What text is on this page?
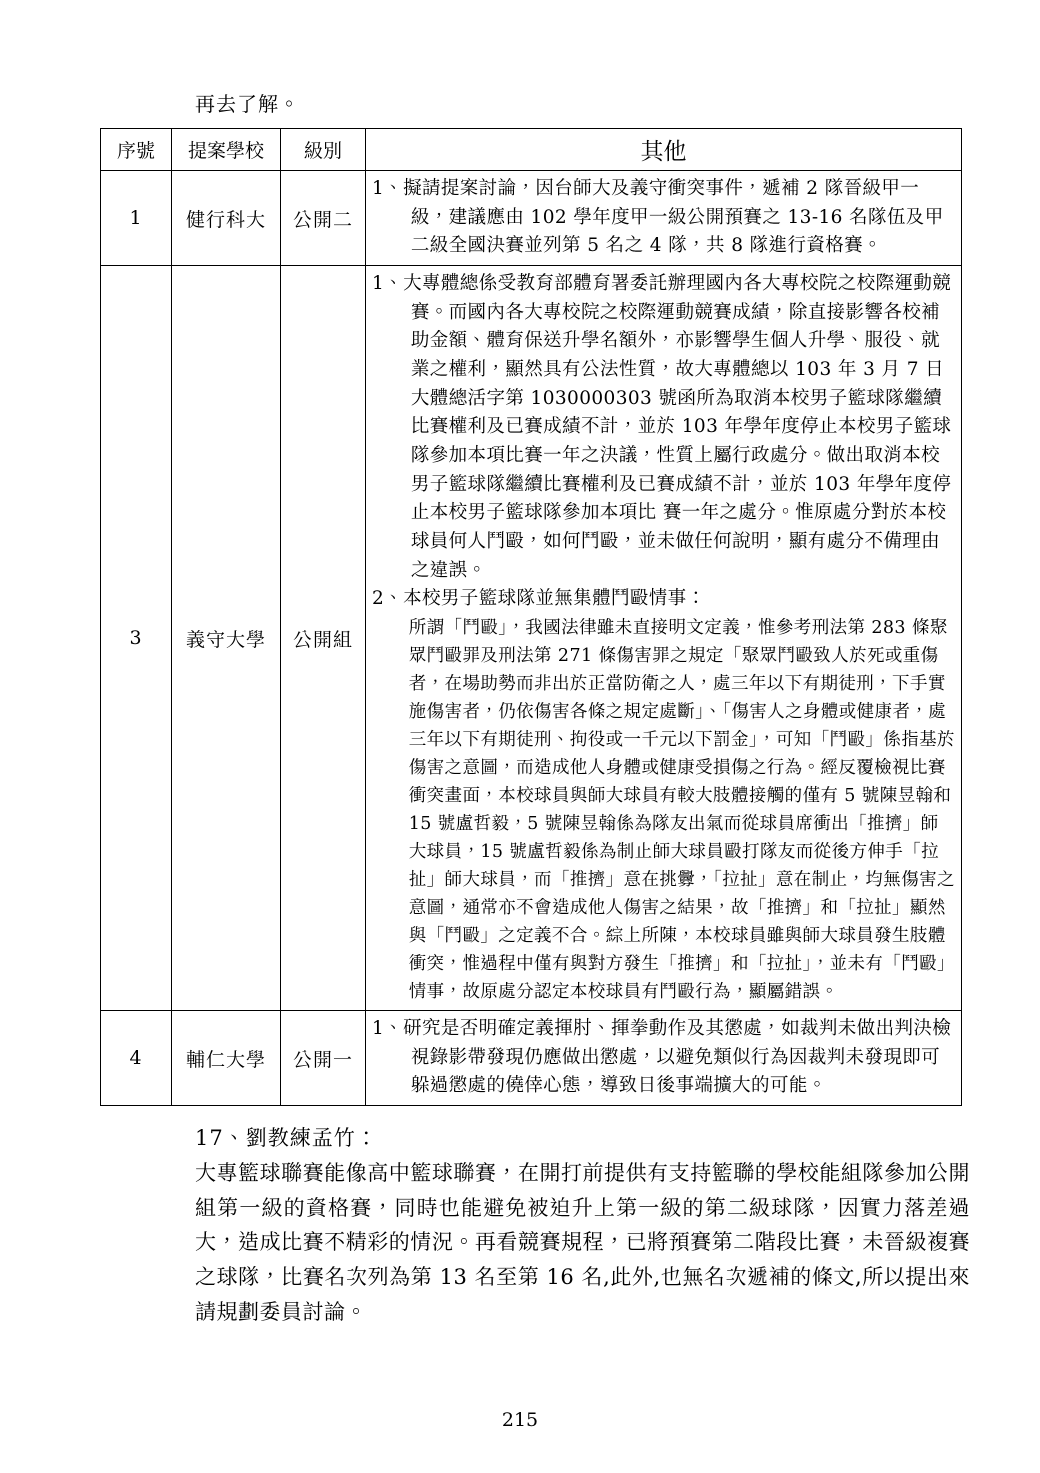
再去了解。

序號	提案學校	級別	其他
1	健行科大	公開二	1、擬請提案討論，因台師大及義守衝突事件，遞補 2 隊晉級甲一級，建議應由 102 學年度甲一級公開預賽之 13-16 名隊伍及甲二級全國決賽並列第 5 名之 4 隊，共 8 隊進行資格賽。

3	義守大學	公開組	1、大專體總係受教育部體育署委託辦理國內各大專校院之校際運動競賽。而國內各大專校院之校際運動競賽成績，除直接影響各校補助金額、體育保送升學名額外，亦影響學生個人升學、服役、就業之權利，顯然具有公法性質，故大專體總以 103 年 3 月 7 日大體總活字第 1030000303 號函所為取消本校男子籃球隊繼續比賽權利及已賽成績不計，並於 103 年學年度停止本校男子籃球隊參加本項比賽一年之決議，性質上屬行政處分。做出取消本校男子籃球隊繼續比賽權利及已賽成績不計，並於 103 年學年度停止本校男子籃球隊參加本項比 賽一年之處分。惟原處分對於本校球員何人鬥毆，如何鬥毆，並未做任何說明，顯有處分不備理由之違誤。
2、本校男子籃球隊並無集體鬥毆情事：
所謂「鬥毆」，我國法律雖未直接明文定義，惟參考刑法第 283 條聚眾鬥毆罪及刑法第 271 條傷害罪之規定「聚眾鬥毆致人於死或重傷者，在場助勢而非出於正當防衛之人，處三年以下有期徒刑，下手實施傷害者，仍依傷害各條之規定處斷」、「傷害人之身體或健康者，處三年以下有期徒刑、拘役或一千元以下罰金」，可知「鬥毆」係指基於傷害之意圖，而造成他人身體或健康受損傷之行為。經反覆檢視比賽衝突畫面，本校球員與師大球員有較大肢體接觸的僅有 5 號陳昱翰和 15 號盧哲毅，5 號陳昱翰係為隊友出氣而從球員席衝出「推擠」師大球員，15 號盧哲毅係為制止師大球員毆打隊友而從後方伸手「拉扯」師大球員，而「推擠」意在挑釁，「拉扯」意在制止，均無傷害之意圖，通常亦不會造成他人傷害之結果，故「推擠」和「拉扯」顯然與「鬥毆」之定義不合。綜上所陳，本校球員雖與師大球員發生肢體衝突，惟過程中僅有與對方發生「推擠」和「拉扯」，並未有「鬥毆」情事，故原處分認定本校球員有鬥毆行為，顯屬錯誤。

4	輔仁大學	公開一	1、研究是否明確定義揮肘、揮拳動作及其懲處，如裁判未做出判決檢視錄影帶發現仍應做出懲處，以避免類似行為因裁判未發現即可躲過懲處的僥倖心態，導致日後事端擴大的可能。

17、劉教練孟竹：

大專籃球聯賽能像高中籃球聯賽，在開打前提供有支持籃聯的學校能組隊參加公開組第一級的資格賽，同時也能避免被迫升上第一級的第二級球隊，因實力落差過大，造成比賽不精彩的情況。再看競賽規程，已將預賽第二階段比賽，未晉級複賽之球隊，比賽名次列為第 13 名至第 16 名,此外,也無名次遞補的條文,所以提出來請規劃委員討論。

215
